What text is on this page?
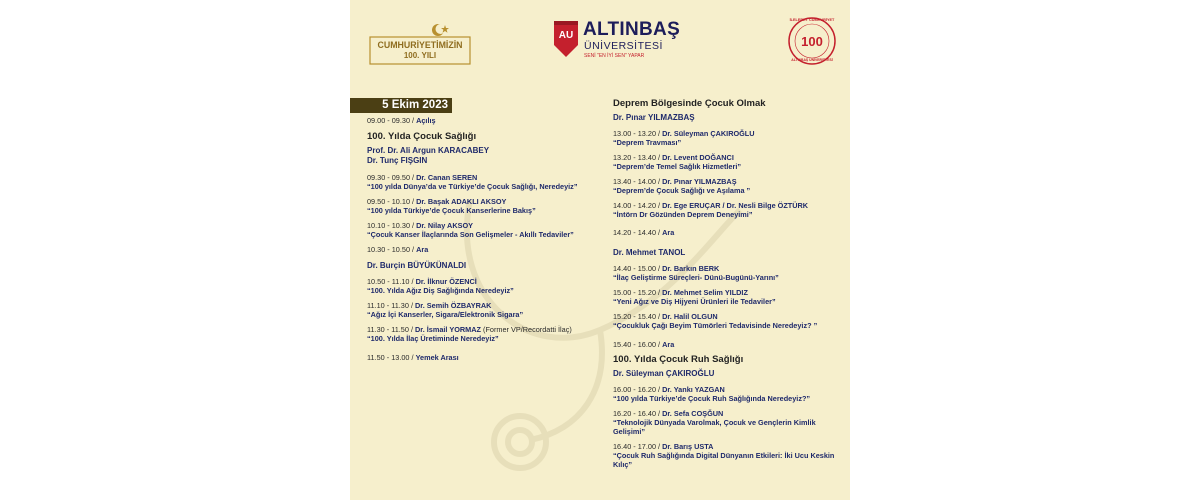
CUMHURİYETİMİZİN
100. YILI
AU ALTINBAŞ
ÜNİVERSİTESİ
SENİ "EN İYİ SEN" YAPAR
İLELEBET CUMHURİYET
100
ALTINBAŞ ÜNİVERSİTESİ
5 Ekim 2023
09.00 - 09.30 / Açılış
100. Yılda Çocuk Sağlığı
Prof. Dr. Ali Argun KARACABEY
Dr. Tunç FIŞGIN
09.30 - 09.50 / Dr. Canan SEREN
“100 yılda Dünya’da ve Türkiye’de Çocuk Sağlığı, Neredeyiz”
09.50 - 10.10 / Dr. Başak ADAKLI AKSOY
“100 yılda Türkiye’de Çocuk Kanserlerine Bakış”
10.10 - 10.30 / Dr. Nilay AKSOY
“Çocuk Kanser İlaçlarında Son Gelişmeler - Akıllı Tedaviler”
10.30 - 10.50 / Ara
Dr. Burçin BÜYÜKÜNALDI
10.50 - 11.10 / Dr. İlknur ÖZENCİ
“100. Yılda Ağız Diş Sağlığında Neredeyiz”
11.10 - 11.30 / Dr. Semih ÖZBAYRAK
“Ağız İçi Kanserler, Sigara/Elektronik Sigara”
11.30 - 11.50 / Dr. İsmail YORMAZ (Former VP/Recordatti İlaç)
“100. Yılda İlaç Üretiminde Neredeyiz”
11.50 - 13.00 / Yemek Arası
Deprem Bölgesinde Çocuk Olmak
Dr. Pınar YILMAZBAŞ
13.00 - 13.20 / Dr. Süleyman ÇAKIROĞLU
“Deprem Travması”
13.20 - 13.40 / Dr. Levent DOĞANCI
“Deprem’de Temel Sağlık Hizmetleri”
13.40 - 14.00 / Dr. Pınar YILMAZBAŞ
“Deprem’de Çocuk Sağlığı ve Aşılama ”
14.00 - 14.20 / Dr. Ege ERUÇAR / Dr. Nesli Bilge ÖZTÜRK
“İntörn Dr Gözünden Deprem Deneyimi”
14.20 - 14.40 / Ara
Dr. Mehmet TANOL
14.40 - 15.00 / Dr. Barkın BERK
“İlaç Geliştirme Süreçleri- Dünü-Bugünü-Yarını”
15.00 - 15.20 / Dr. Mehmet Selim YILDIZ
“Yeni Ağız ve Diş Hijyeni Ürünleri ile Tedaviler”
15.20 - 15.40 / Dr. Halil OLGUN
“Çocukluk Çağı Beyim Tümörleri Tedavisinde Neredeyiz? ”
15.40 - 16.00 / Ara
100. Yılda Çocuk Ruh Sağlığı
Dr. Süleyman ÇAKIROĞLU
16.00 - 16.20 / Dr. Yankı YAZGAN
“100 yılda Türkiye’de Çocuk Ruh Sağlığında Neredeyiz?”
16.20 - 16.40 / Dr. Sefa COŞĞUN
“Teknolojik Dünyada Varolmak, Çocuk ve Gençlerin Kimlik Gelişimi”
16.40 - 17.00 / Dr. Barış USTA
“Çocuk Ruh Sağlığında Digital Dünyanın Etkileri: İki Ucu Keskin Kılıç”
